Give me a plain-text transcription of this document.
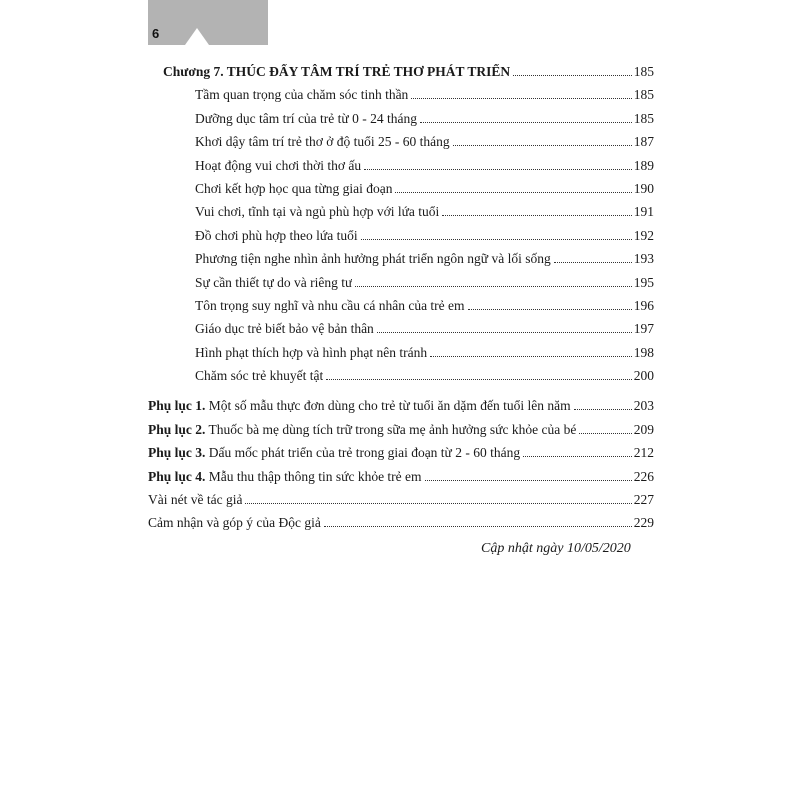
6
Chương 7. THÚC ĐẨY TÂM TRÍ TRẺ THƠ PHÁT TRIỂN	185
Tầm quan trọng của chăm sóc tinh thần	185
Dưỡng dục tâm trí của trẻ từ 0 - 24 tháng	185
Khơi dậy tâm trí trẻ thơ ở độ tuổi 25 - 60 tháng	187
Hoạt động vui chơi thời thơ ấu	189
Chơi kết hợp học qua từng giai đoạn	190
Vui chơi, tĩnh tại và ngủ phù hợp với lứa tuổi	191
Đồ chơi phù hợp theo lứa tuổi	192
Phương tiện nghe nhìn ảnh hưởng phát triển ngôn ngữ và lối sống	193
Sự cần thiết tự do và riêng tư	195
Tôn trọng suy nghĩ và nhu cầu cá nhân của trẻ em	196
Giáo dục trẻ biết bảo vệ bản thân	197
Hình phạt thích hợp và hình phạt nên tránh	198
Chăm sóc trẻ khuyết tật	200
Phụ lục 1. Một số mẫu thực đơn dùng cho trẻ từ tuổi ăn dặm đến tuổi lên năm	203
Phụ lục 2. Thuốc bà mẹ dùng tích trữ trong sữa mẹ ảnh hưởng sức khỏe của bé	209
Phụ lục 3. Dấu mốc phát triển của trẻ trong giai đoạn từ 2 - 60 tháng	212
Phụ lục 4. Mẫu thu thập thông tin sức khỏe trẻ em	226
Vài nét về tác giả	227
Cảm nhận và góp ý của Độc giả	229
Cập nhật ngày 10/05/2020
